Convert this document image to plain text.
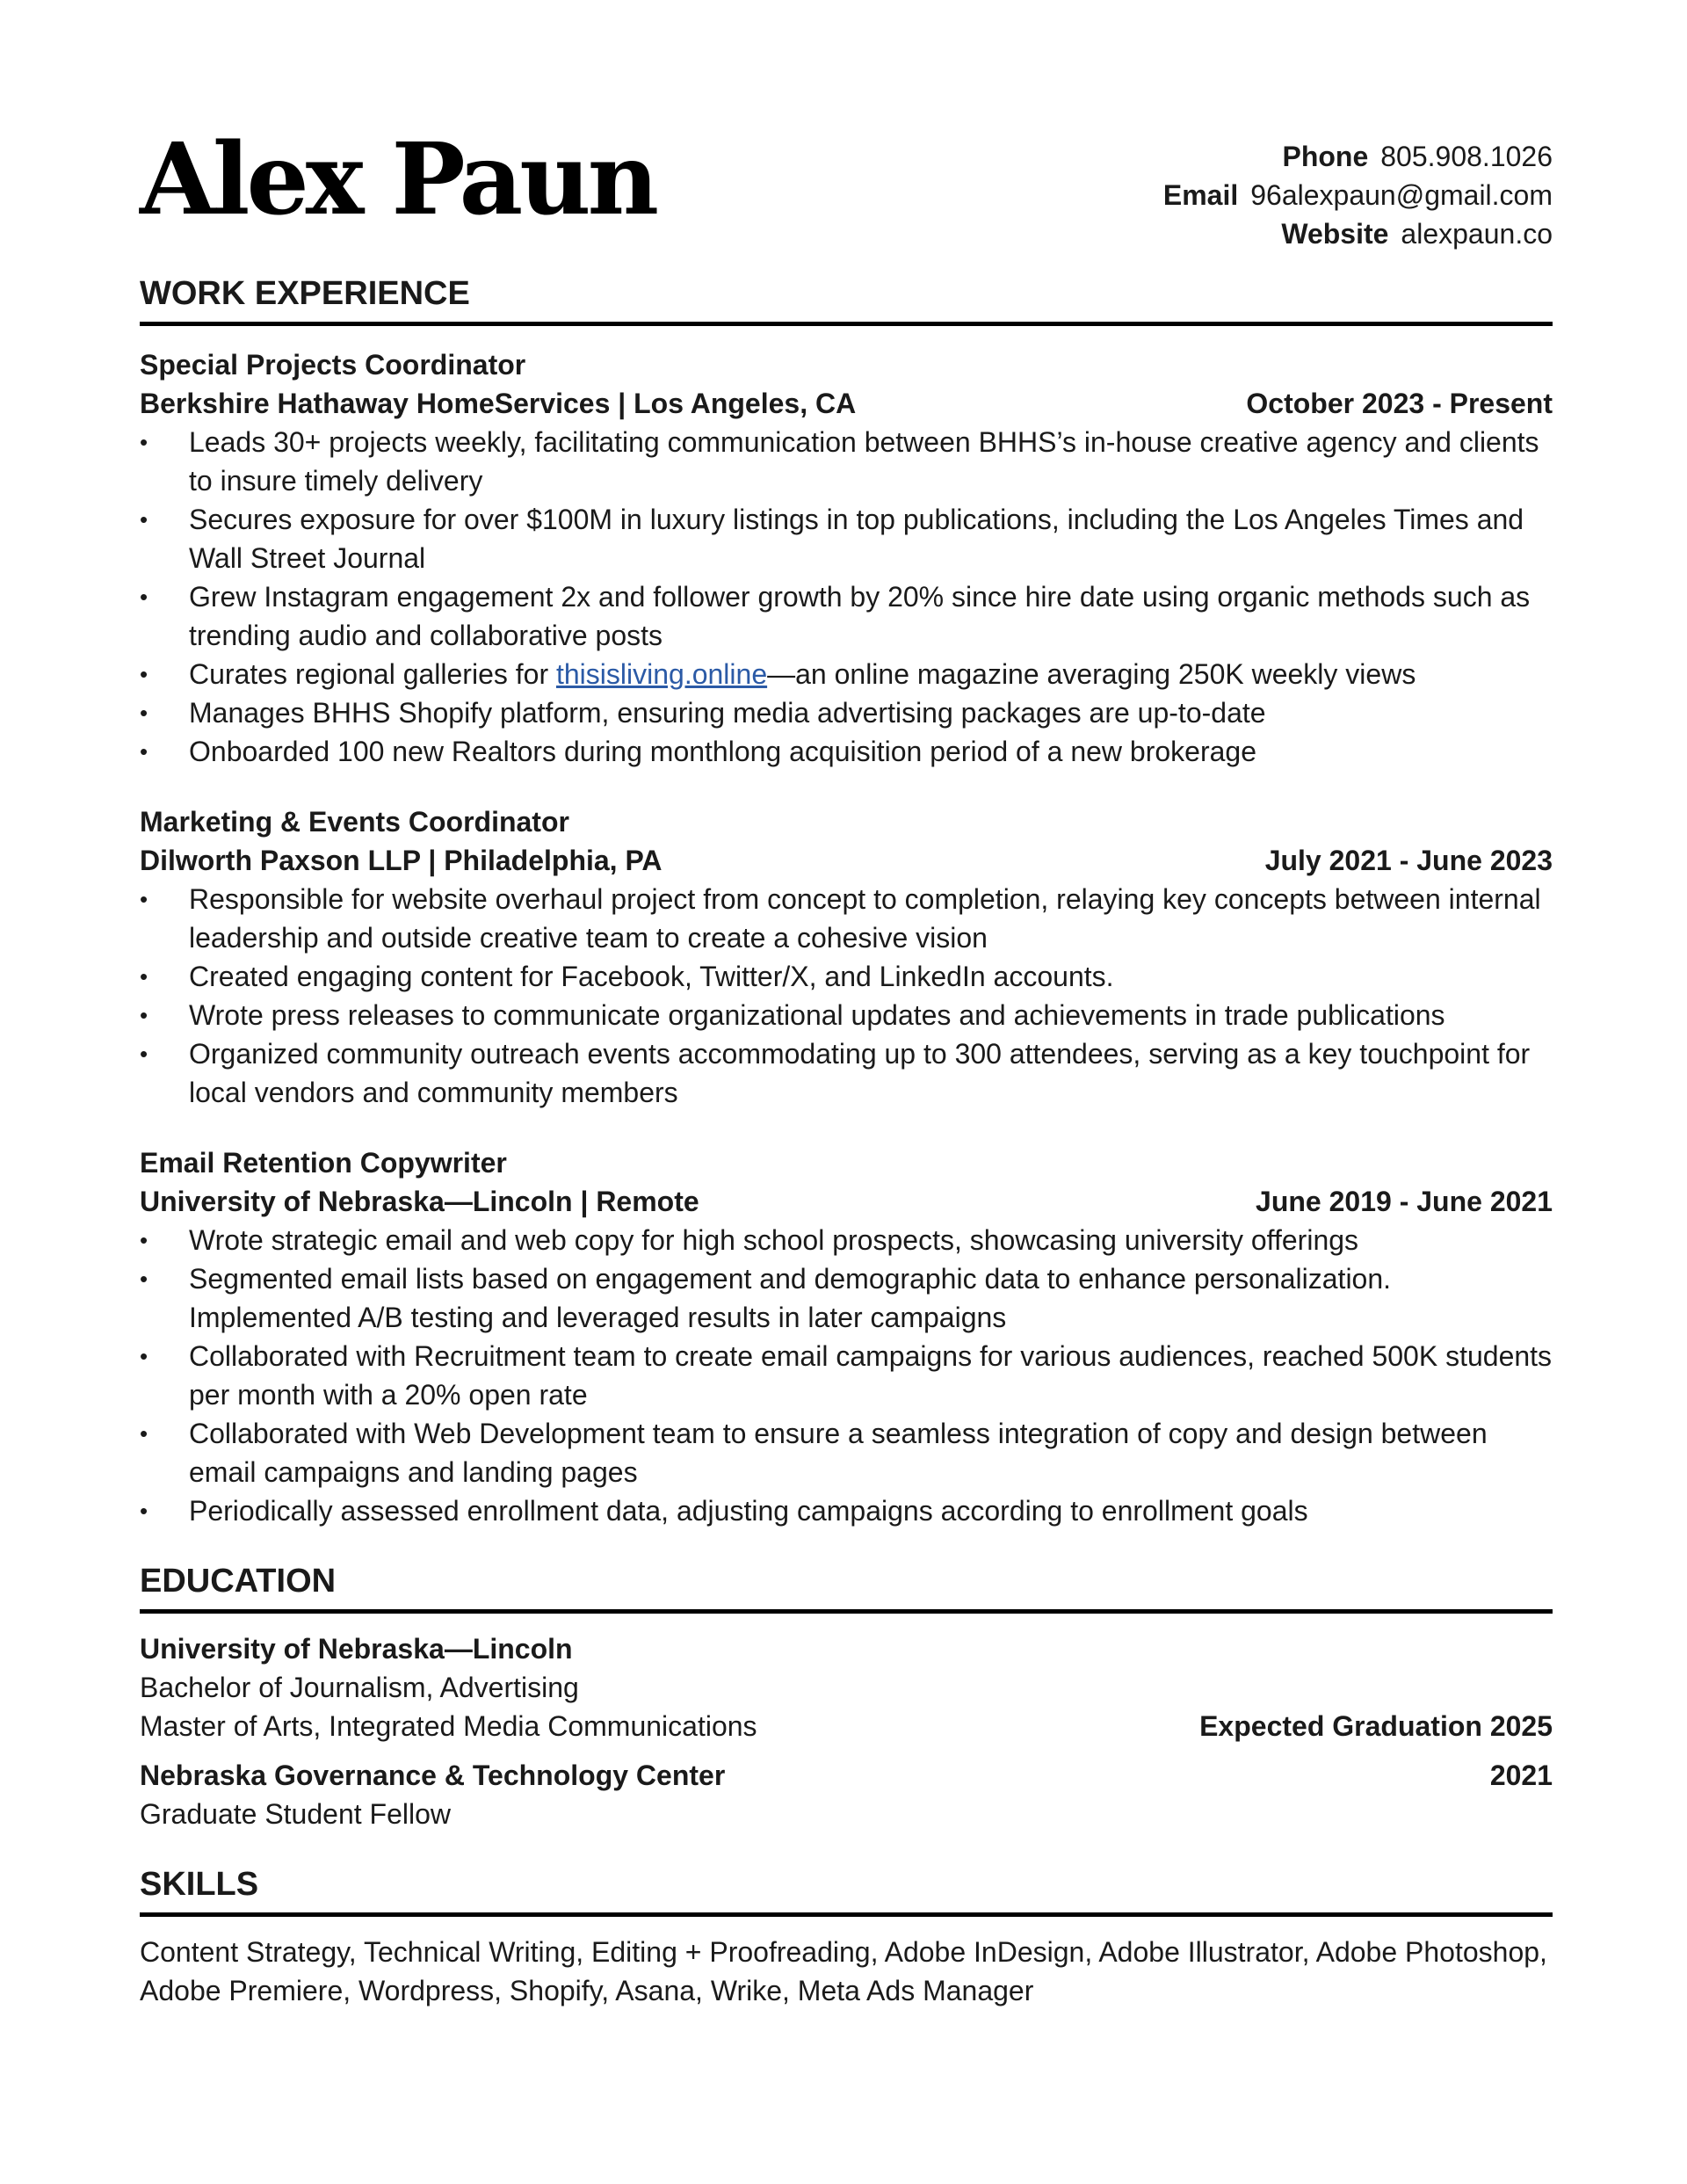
Alex Paun	Phone 805.908.1026
Email 96alexpaun@gmail.com
Website alexpaun.co
WORK EXPERIENCE
Special Projects Coordinator
Berkshire Hathaway HomeServices | Los Angeles, CA	October 2023 - Present
• Leads 30+ projects weekly, facilitating communication between BHHS’s in-house creative agency and clients to insure timely delivery
• Secures exposure for over $100M in luxury listings in top publications, including the Los Angeles Times and Wall Street Journal
• Grew Instagram engagement 2x and follower growth by 20% since hire date using organic methods such as trending audio and collaborative posts
• Curates regional galleries for thisisliving.online—an online magazine averaging 250K weekly views
• Manages BHHS Shopify platform, ensuring media advertising packages are up-to-date
• Onboarded 100 new Realtors during monthlong acquisition period of a new brokerage
Marketing & Events Coordinator
Dilworth Paxson LLP | Philadelphia, PA	July 2021 - June 2023
• Responsible for website overhaul project from concept to completion, relaying key concepts between internal leadership and outside creative team to create a cohesive vision
• Created engaging content for Facebook, Twitter/X, and LinkedIn accounts.
• Wrote press releases to communicate organizational updates and achievements in trade publications
• Organized community outreach events accommodating up to 300 attendees, serving as a key touchpoint for local vendors and community members
Email Retention Copywriter
University of Nebraska—Lincoln | Remote	June 2019 - June 2021
• Wrote strategic email and web copy for high school prospects, showcasing university offerings
• Segmented email lists based on engagement and demographic data to enhance personalization. Implemented A/B testing and leveraged results in later campaigns
• Collaborated with Recruitment team to create email campaigns for various audiences, reached 500K students per month with a 20% open rate
• Collaborated with Web Development team to ensure a seamless integration of copy and design between email campaigns and landing pages
• Periodically assessed enrollment data, adjusting campaigns according to enrollment goals
EDUCATION
University of Nebraska—Lincoln
Bachelor of Journalism, Advertising
Master of Arts, Integrated Media Communications	Expected Graduation 2025
Nebraska Governance & Technology Center	2021
Graduate Student Fellow
SKILLS
Content Strategy, Technical Writing, Editing + Proofreading, Adobe InDesign, Adobe Illustrator, Adobe Photoshop, Adobe Premiere, Wordpress, Shopify, Asana, Wrike, Meta Ads Manager
